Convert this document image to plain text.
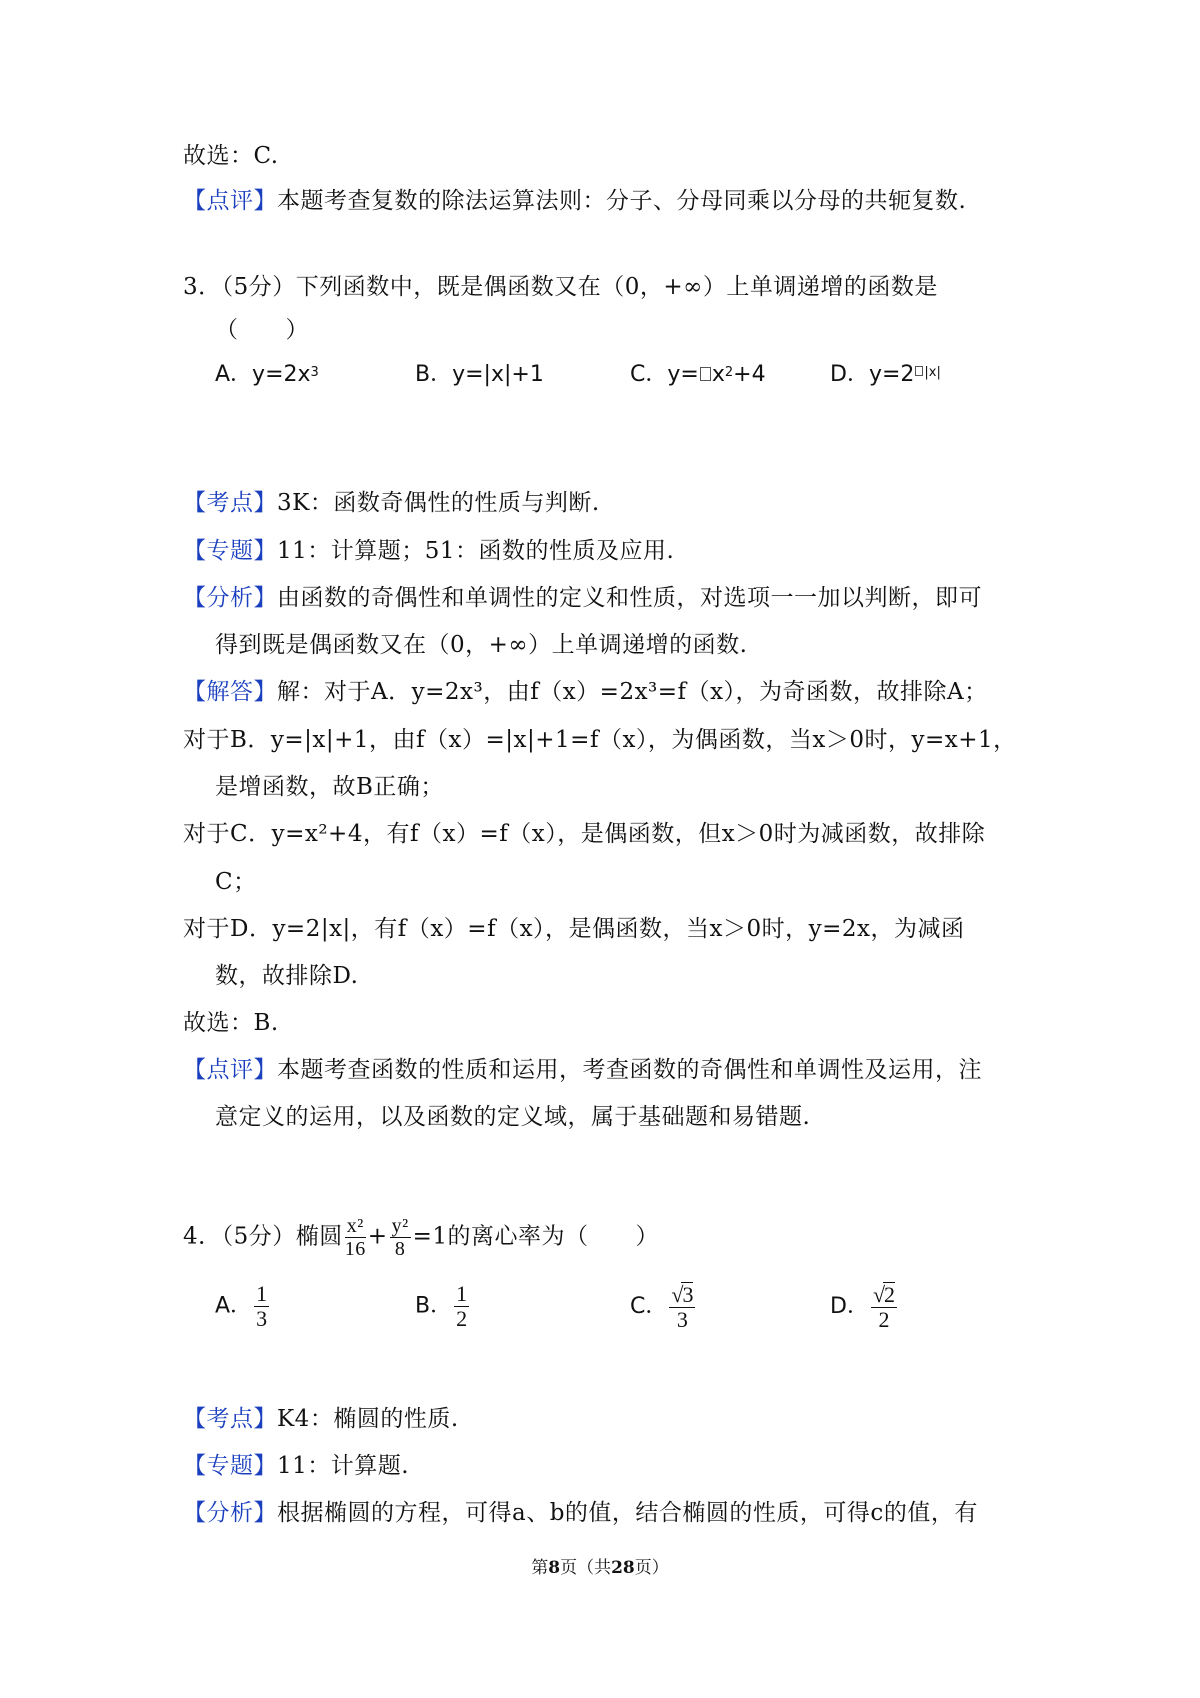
故选：C.
【点评】本题考查复数的除法运算法则：分子、分母同乘以分母的共轭复数.
3．（5分）下列函数中，既是偶函数又在（0，+∞）上单调递增的函数是
（　　）
A．$y=2x^3$	B．y=|x|+1	C．$y= x^2+4$	D．y=2 $^{|x|}$
【考点】3K：函数奇偶性的性质与判断.
【专题】11：计算题；51：函数的性质及应用.
【分析】由函数的奇偶性和单调性的定义和性质，对选项一一加以判断，即可
得到既是偶函数又在（0，+∞）上单调递增的函数.
【解答】解：对于A．y=2x³，由f（x）=2x³=f（x），为奇函数，故排除A；
对于B．y=|x|+1，由f（x）=|x|+1=f（x），为偶函数，当x＞0时，y=x+1，
是增函数，故B正确；
对于C．y=x²+4，有f（x）=f（x），是偶函数，但x＞0时为减函数，故排除
C；
对于D．y=2|x|，有f（x）=f（x），是偶函数，当x＞0时，y=2x，为减函
数，故排除D.
故选：B.
【点评】本题考查函数的性质和运用，考查函数的奇偶性和单调性及运用，注
意定义的运用，以及函数的定义域，属于基础题和易错题.
4．（5分）椭圆 $\frac{\text{x²}}{16} + \frac{\text{y²}}{8} =1$的离心率为（　　）
A． $\frac{1}{3}$	B． $\frac{1}{2}$	C． $\frac{√3}{3}$	D． $\frac{√2}{2}$
【考点】K4：椭圆的性质.
【专题】11：计算题.
【分析】根据椭圆的方程，可得a、b的值，结合椭圆的性质，可得c的值，有
第8页（共28页）
